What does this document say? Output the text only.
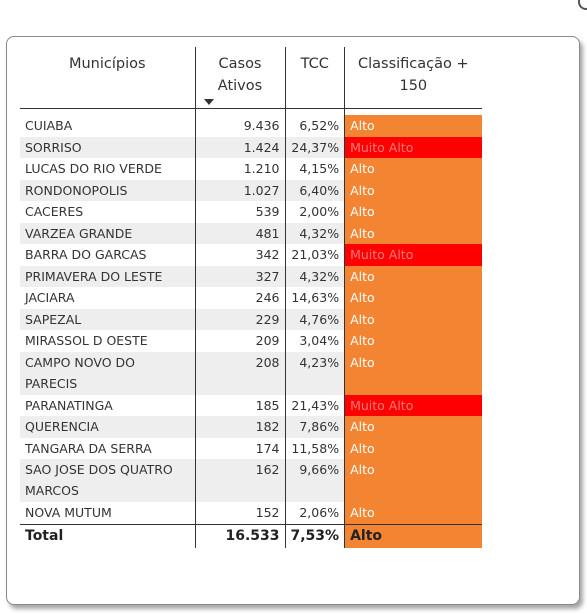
Municípios	Casos Ativos	TCC	Classificação + 150

CUIABA	9.436	6,52%	Alto
SORRISO	1.424	24,37%	Muito Alto
LUCAS DO RIO VERDE	1.210	4,15%	Alto
RONDONOPOLIS	1.027	6,40%	Alto
CACERES	539	2,00%	Alto
VARZEA GRANDE	481	4,32%	Alto
BARRA DO GARCAS	342	21,03%	Muito Alto
PRIMAVERA DO LESTE	327	4,32%	Alto
JACIARA	246	14,63%	Alto
SAPEZAL	229	4,76%	Alto
MIRASSOL D OESTE	209	3,04%	Alto
CAMPO NOVO DO PARECIS	208	4,23%	Alto
PARANATINGA	185	21,43%	Muito Alto
QUERENCIA	182	7,86%	Alto
TANGARA DA SERRA	174	11,58%	Alto
SAO JOSE DOS QUATRO MARCOS	162	9,66%	Alto
NOVA MUTUM	152	2,06%	Alto
Total	16.533	7,53%	Alto
